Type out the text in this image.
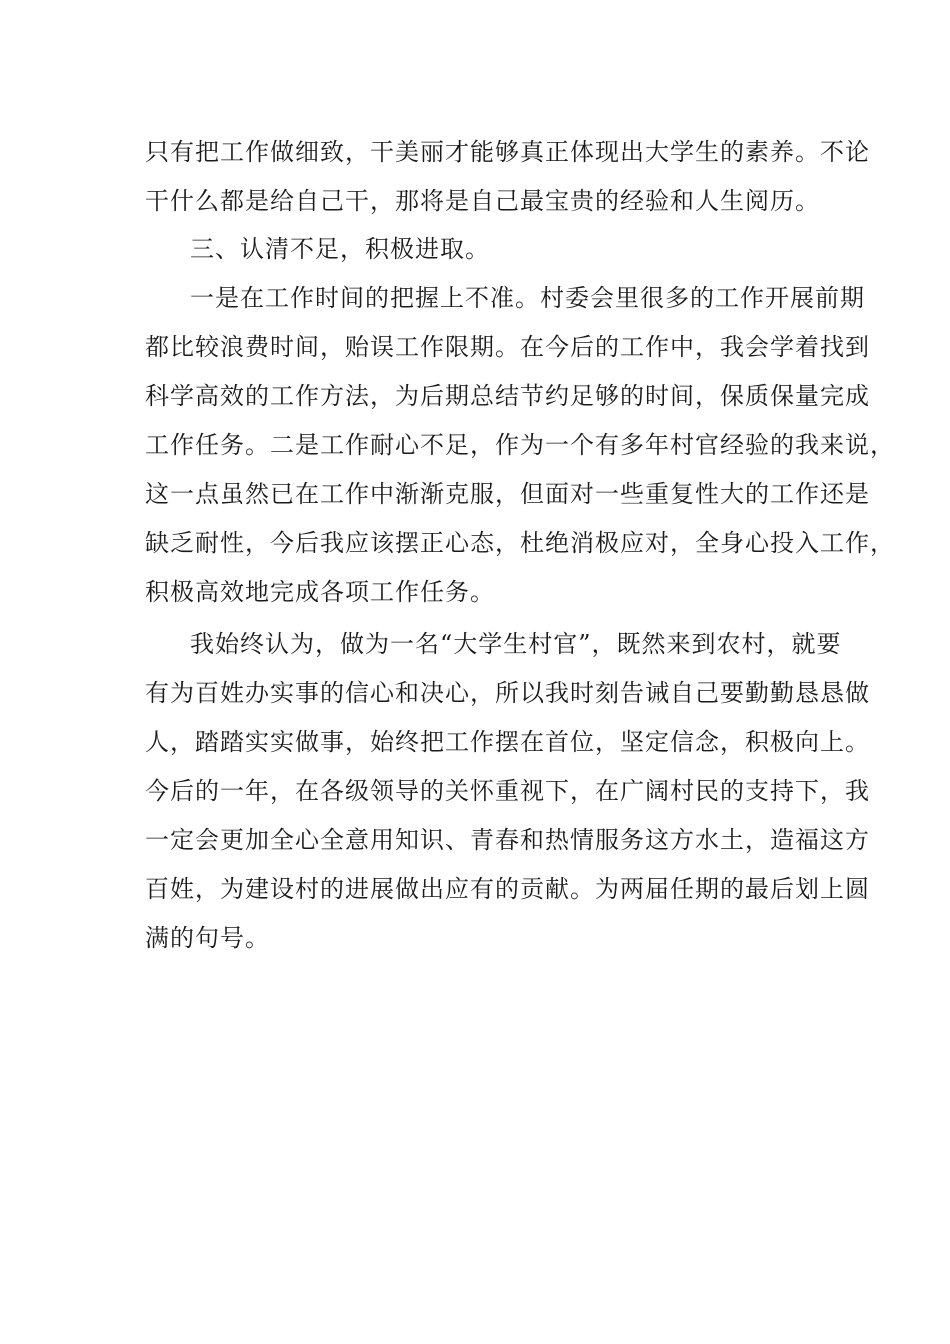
只有把工作做细致，干美丽才能够真正体现出大学生的素养。不论
干什么都是给自己干，那将是自己最宝贵的经验和人生阅历。
三、认清不足，积极进取。
一是在工作时间的把握上不准。村委会里很多的工作开展前期
都比较浪费时间，贻误工作限期。在今后的工作中，我会学着找到
科学高效的工作方法，为后期总结节约足够的时间，保质保量完成
工作任务。二是工作耐心不足，作为一个有多年村官经验的我来说，
这一点虽然已在工作中渐渐克服，但面对一些重复性大的工作还是
缺乏耐性，今后我应该摆正心态，杜绝消极应对，全身心投入工作，
积极高效地完成各项工作任务。
我始终认为，做为一名“大学生村官”，既然来到农村，就要
有为百姓办实事的信心和决心，所以我时刻告诫自己要勤勤恳恳做
人，踏踏实实做事，始终把工作摆在首位，坚定信念，积极向上。
今后的一年，在各级领导的关怀重视下，在广阔村民的支持下，我
一定会更加全心全意用知识、青春和热情服务这方水土，造福这方
百姓，为建设村的进展做出应有的贡献。为两届任期的最后划上圆
满的句号。
